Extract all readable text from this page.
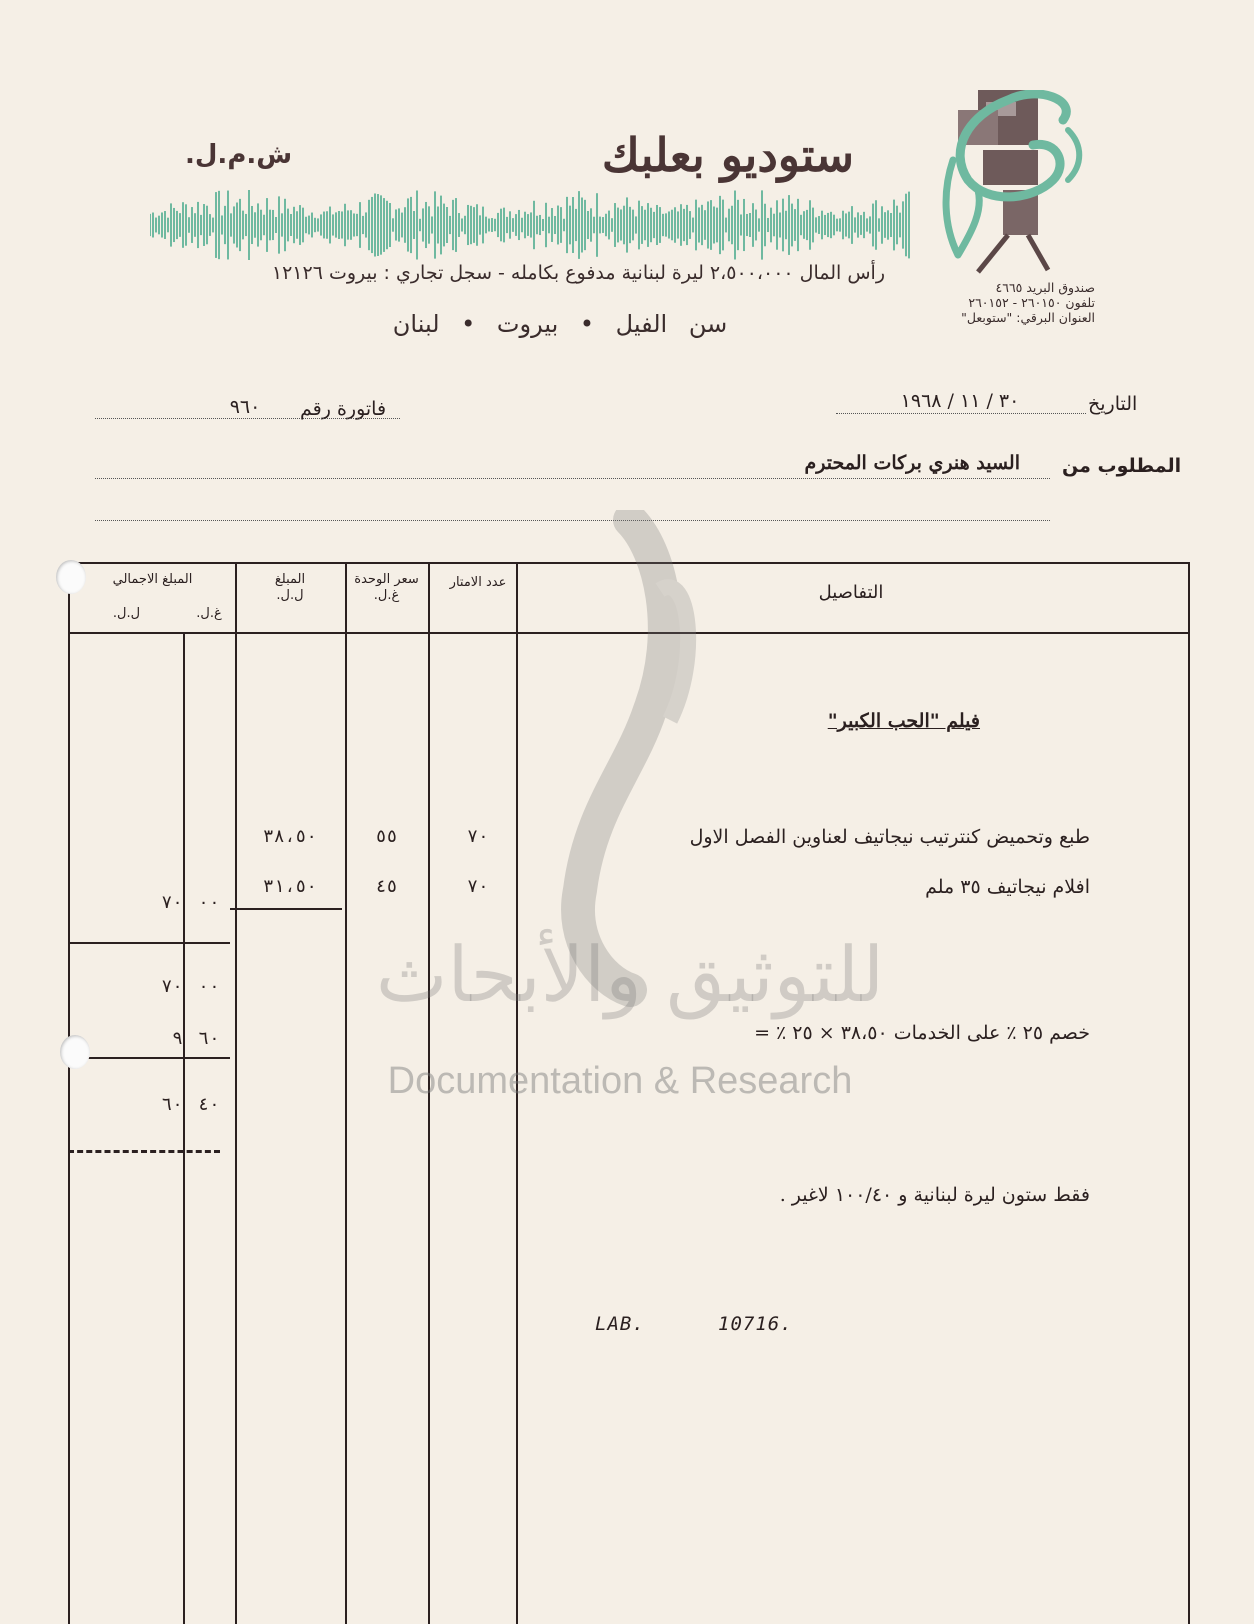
ستوديو بعلبك
ش.م.ل.
رأس المال ٢،٥٠٠،٠٠٠ ليرة لبنانية مدفوع بكامله - سجل تجاري : بيروت ١٢١٢٦
سن الفيل • بيروت • لبنان
صندوق البريد ٤٦٦٥
تلفون ٢٦٠١٥٠ - ٢٦٠١٥٢
العنوان البرقي: "ستوبعل"
التاريخ
٣٠ / ١١ / ١٩٦٨
فاتورة رقم
٩٦٠
المطلوب من
السيد هنري بركات المحترم
التفاصيل
عدد الامتار
سعر الوحدة
غ.ل.
المبلغ
ل.ل.
المبلغ الاجمالي
غ.ل.
ل.ل.
للتوثيق والأبحاث
Documentation & Research
فيلم "الحب الكبير"
طبع وتحميض كنترتيب نيجاتيف لعناوين الفصل الاول
٧٠
٥٥
٣٨،٥٠
افلام نيجاتيف ٣٥ ملم
٧٠
٤٥
٣١،٥٠
٠٠
٧٠
٠٠
٧٠
٦٠
٩
٤٠
٦٠
خصم ٢٥ ٪ على الخدمات ٣٨،٥٠ × ٢٥ ٪ =
فقط ستون ليرة لبنانية و ١٠٠/٤٠ لاغير .
LAB.	10716.
